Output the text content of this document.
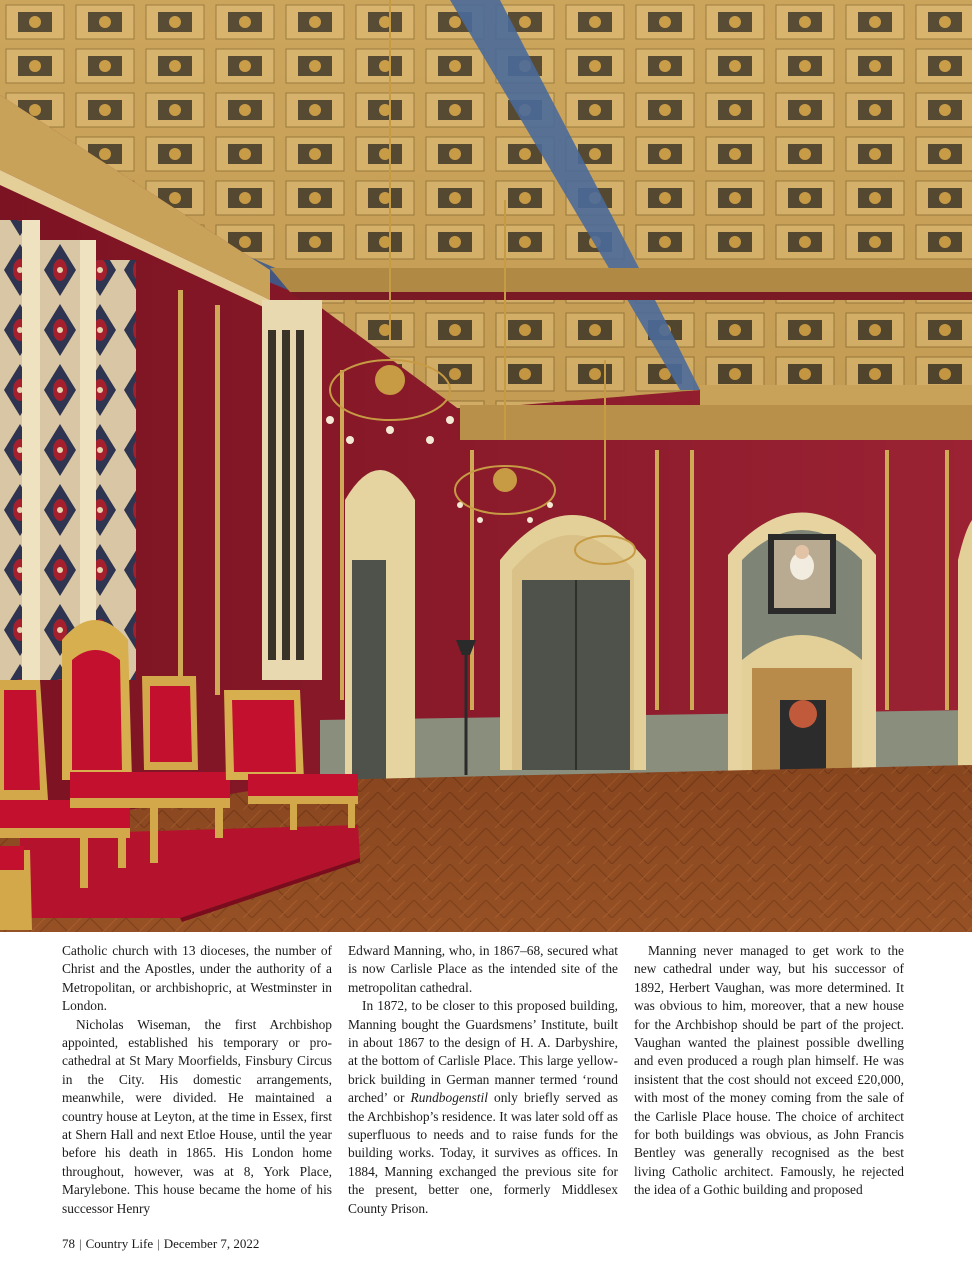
Catholic church with 13 dioceses, the number of Christ and the Apostles, under the authority of a Metropolitan, or archbishopric, at Westminster in London.

Nicholas Wiseman, the first Archbishop appointed, established his temporary or pro-cathedral at St Mary Moorfields, Finsbury Circus in the City. His domestic arrangements, meanwhile, were divided. He maintained a country house at Leyton, at the time in Essex, first at Shern Hall and next Etloe House, until the year before his death in 1865. His London home throughout, however, was at 8, York Place, Marylebone. This house became the home of his successor Henry

Edward Manning, who, in 1867–68, secured what is now Carlisle Place as the intended site of the metropolitan cathedral.

In 1872, to be closer to this proposed building, Manning bought the Guardsmens’ Institute, built in about 1867 to the design of H. A. Darbyshire, at the bottom of Carlisle Place. This large yellow-brick building in German manner termed ‘round arched’ or Rundbogenstil only briefly served as the Archbishop’s residence. It was later sold off as superfluous to needs and to raise funds for the building works. Today, it survives as offices. In 1884, Manning exchanged the previous site for the present, better one, formerly Middlesex County Prison.

Manning never managed to get work to the new cathedral under way, but his successor of 1892, Herbert Vaughan, was more determined. It was obvious to him, moreover, that a new house for the Archbishop should be part of the project. Vaughan wanted the plainest possible dwelling and even produced a rough plan himself. He was insistent that the cost should not exceed £20,000, with most of the money coming from the sale of the Carlisle Place house. The choice of architect for both buildings was obvious, as John Francis Bentley was generally recognised as the best living Catholic architect. Famously, he rejected the idea of a Gothic building and proposed

78 | Country Life | December 7, 2022
